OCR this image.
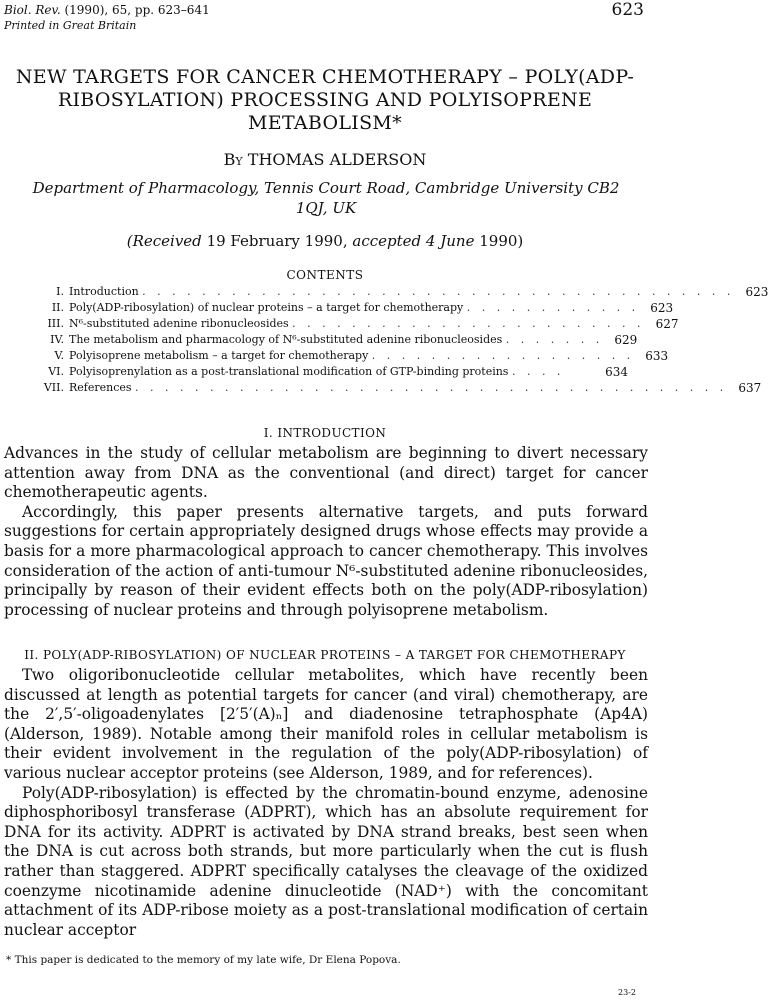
Biol. Rev. (1990), 65, pp. 623–641
Printed in Great Britain
623
NEW TARGETS FOR CANCER CHEMOTHERAPY – POLY(ADP-RIBOSYLATION) PROCESSING AND POLYISOPRENE METABOLISM*
By THOMAS ALDERSON
Department of Pharmacology, Tennis Court Road, Cambridge University CB2 1QJ, UK
(Received 19 February 1990, accepted 4 June 1990)
CONTENTS
I. Introduction . . . . . . . . . . . . . . . . . . . . . . . . . . . . . . . . . . . . . . . . 623
II. Poly(ADP-ribosylation) of nuclear proteins – a target for chemotherapy . . . . . . . . . . . . 623
III. N⁶-substituted adenine ribonucleosides . . . . . . . . . . . . . . . . . . . . . . . . 627
IV. The metabolism and pharmacology of N⁶-substituted adenine ribonucleosides . . . . . . . 629
V. Polyisoprene metabolism – a target for chemotherapy . . . . . . . . . . . . . . . . . . 633
VI. Polyisoprenylation as a post-translational modification of GTP-binding proteins . . . .	634
VII. References . . . . . . . . . . . . . . . . . . . . . . . . . . . . . . . . . . . . . . . . 637
I. INTRODUCTION

Advances in the study of cellular metabolism are beginning to divert necessary attention away from DNA as the conventional (and direct) target for cancer chemotherapeutic agents.

Accordingly, this paper presents alternative targets, and puts forward suggestions for certain appropriately designed drugs whose effects may provide a basis for a more pharmacological approach to cancer chemotherapy. This involves consideration of the action of anti-tumour N⁶-substituted adenine ribonucleosides, principally by reason of their evident effects both on the poly(ADP-ribosylation) processing of nuclear proteins and through polyisoprene metabolism.

II. POLY(ADP-RIBOSYLATION) OF NUCLEAR PROTEINS – A TARGET FOR CHEMOTHERAPY

Two oligoribonucleotide cellular metabolites, which have recently been discussed at length as potential targets for cancer (and viral) chemotherapy, are the 2′,5′-oligoadenylates [2′5′(A)ₙ] and diadenosine tetraphosphate (Ap4A) (Alderson, 1989). Notable among their manifold roles in cellular metabolism is their evident involvement in the regulation of the poly(ADP-ribosylation) of various nuclear acceptor proteins (see Alderson, 1989, and for references).

Poly(ADP-ribosylation) is effected by the chromatin-bound enzyme, adenosine diphosphoribosyl transferase (ADPRT), which has an absolute requirement for DNA for its activity. ADPRT is activated by DNA strand breaks, best seen when the DNA is cut across both strands, but more particularly when the cut is flush rather than staggered. ADPRT specifically catalyses the cleavage of the oxidized coenzyme nicotinamide adenine dinucleotide (NAD⁺) with the concomitant attachment of its ADP-ribose moiety as a post-translational modification of certain nuclear acceptor

* This paper is dedicated to the memory of my late wife, Dr Elena Popova.
23-2
